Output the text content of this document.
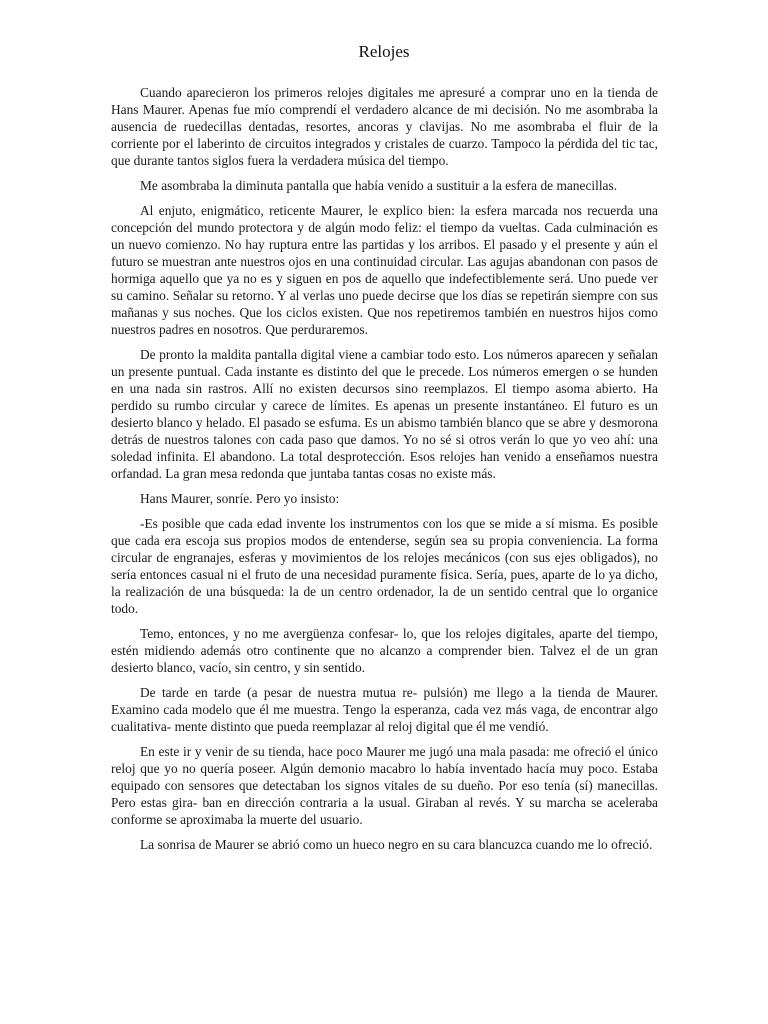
Relojes

Cuando aparecieron los primeros relojes digitales me apresuré a comprar uno en la tienda de Hans Maurer. Apenas fue mío comprendí el verdadero alcance de mi decisión. No me asombraba la ausencia de ruedecillas dentadas, resortes, ancoras y clavijas. No me asombraba el fluir de la corriente por el laberinto de circuitos integrados y cristales de cuarzo. Tampoco la pérdida del tic tac, que durante tantos siglos fuera la verdadera música del tiempo.

Me asombraba la diminuta pantalla que había venido a sustituir a la esfera de manecillas.

Al enjuto, enigmático, reticente Maurer, le explico bien: la esfera marcada nos recuerda una concepción del mundo protectora y de algún modo feliz: el tiempo da vueltas. Cada culminación es un nuevo comienzo. No hay ruptura entre las partidas y los arribos. El pasado y el presente y aún el futuro se muestran ante nuestros ojos en una continuidad circular. Las agujas abandonan con pasos de hormiga aquello que ya no es y siguen en pos de aquello que indefectiblemente será. Uno puede ver su camino. Señalar su retorno. Y al verlas uno puede decirse que los días se repetirán siempre con sus mañanas y sus noches. Que los ciclos existen. Que nos repetiremos también en nuestros hijos como nuestros padres en nosotros. Que perduraremos.

De pronto la maldita pantalla digital viene a cambiar todo esto. Los números aparecen y señalan un presente puntual. Cada instante es distinto del que le precede. Los números emergen o se hunden en una nada sin rastros. Allí no existen decursos sino reemplazos. El tiempo asoma abierto. Ha perdido su rumbo circular y carece de límites. Es apenas un presente instantáneo. El futuro es un desierto blanco y helado. El pasado se esfuma. Es un abismo también blanco que se abre y desmorona detrás de nuestros talones con cada paso que damos. Yo no sé si otros verán lo que yo veo ahí: una soledad infinita. El abandono. La total desprotección. Esos relojes han venido a enseñamos nuestra orfandad. La gran mesa redonda que juntaba tantas cosas no existe más.

Hans Maurer, sonríe. Pero yo insisto:

-Es posible que cada edad invente los instrumentos con los que se mide a sí misma. Es posible que cada era escoja sus propios modos de entenderse, según sea su propia conveniencia. La forma circular de engranajes, esferas y movimientos de los relojes mecánicos (con sus ejes obligados), no sería entonces casual ni el fruto de una necesidad puramente física. Sería, pues, aparte de lo ya dicho, la realización de una búsqueda: la de un centro ordenador, la de un sentido central que lo organice todo.

Temo, entonces, y no me avergüenza confesar- lo, que los relojes digitales, aparte del tiempo, estén midiendo además otro continente que no alcanzo a comprender bien. Talvez el de un gran desierto blanco, vacío, sin centro, y sin sentido.

De tarde en tarde (a pesar de nuestra mutua re- pulsión) me llego a la tienda de Maurer. Examino cada modelo que él me muestra. Tengo la esperanza, cada vez más vaga, de encontrar algo cualitativa- mente distinto que pueda reemplazar al reloj digital que él me vendió.

En este ir y venir de su tienda, hace poco Maurer me jugó una mala pasada: me ofreció el único reloj que yo no quería poseer. Algún demonio macabro lo había inventado hacía muy poco. Estaba equipado con sensores que detectaban los signos vitales de su dueño. Por eso tenía (sí) manecillas. Pero estas gira- ban en dirección contraria a la usual. Giraban al revés. Y su marcha se aceleraba conforme se aproximaba la muerte del usuario.

La sonrisa de Maurer se abrió como un hueco negro en su cara blancuzca cuando me lo ofreció.
